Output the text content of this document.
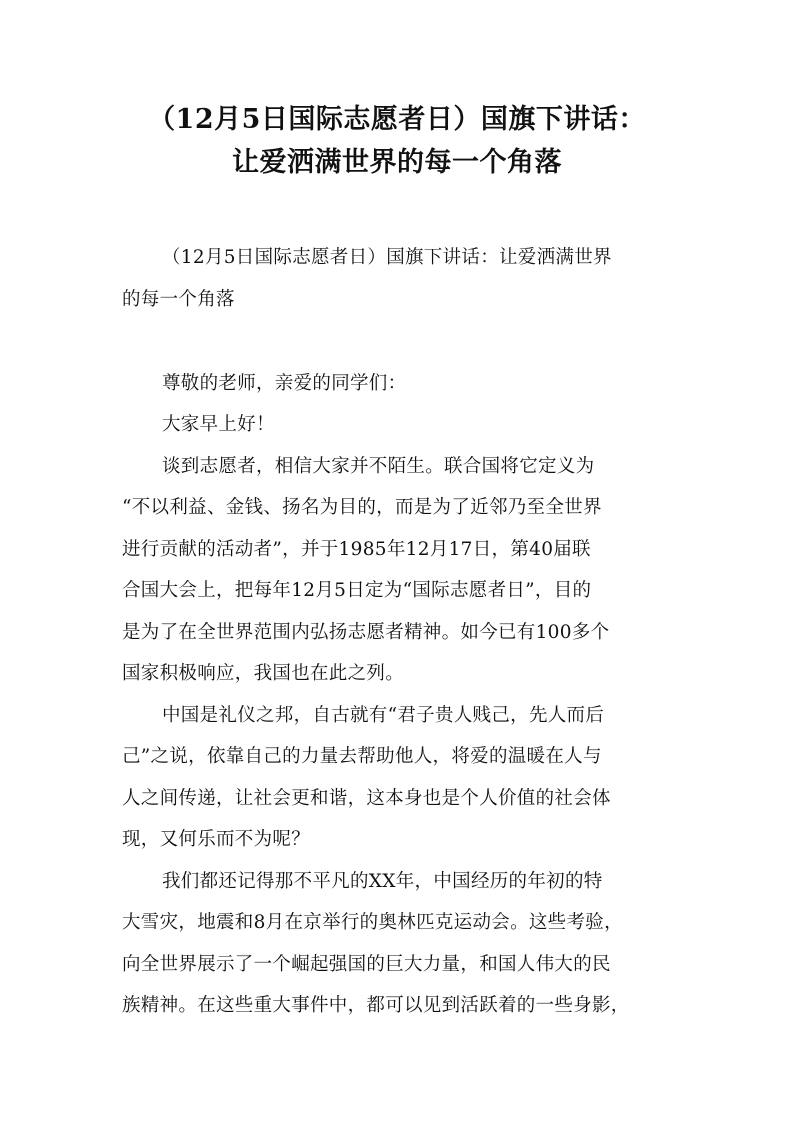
（12月5日国际志愿者日）国旗下讲话：
让爱洒满世界的每一个角落
（12月5日国际志愿者日）国旗下讲话：让爱洒满世界
的每一个角落
尊敬的老师，亲爱的同学们：
大家早上好！
谈到志愿者，相信大家并不陌生。联合国将它定义为
“不以利益、金钱、扬名为目的，而是为了近邻乃至全世界
进行贡献的活动者”，并于1985年12月17日，第40届联
合国大会上，把每年12月5日定为“国际志愿者日”，目的
是为了在全世界范围内弘扬志愿者精神。如今已有100多个
国家积极响应，我国也在此之列。
中国是礼仪之邦，自古就有“君子贵人贱己，先人而后
己”之说，依靠自己的力量去帮助他人，将爱的温暖在人与
人之间传递，让社会更和谐，这本身也是个人价值的社会体
现，又何乐而不为呢？
我们都还记得那不平凡的XX年，中国经历的年初的特
大雪灾，地震和8月在京举行的奥林匹克运动会。这些考验，
向全世界展示了一个崛起强国的巨大力量，和国人伟大的民
族精神。在这些重大事件中，都可以见到活跃着的一些身影，
